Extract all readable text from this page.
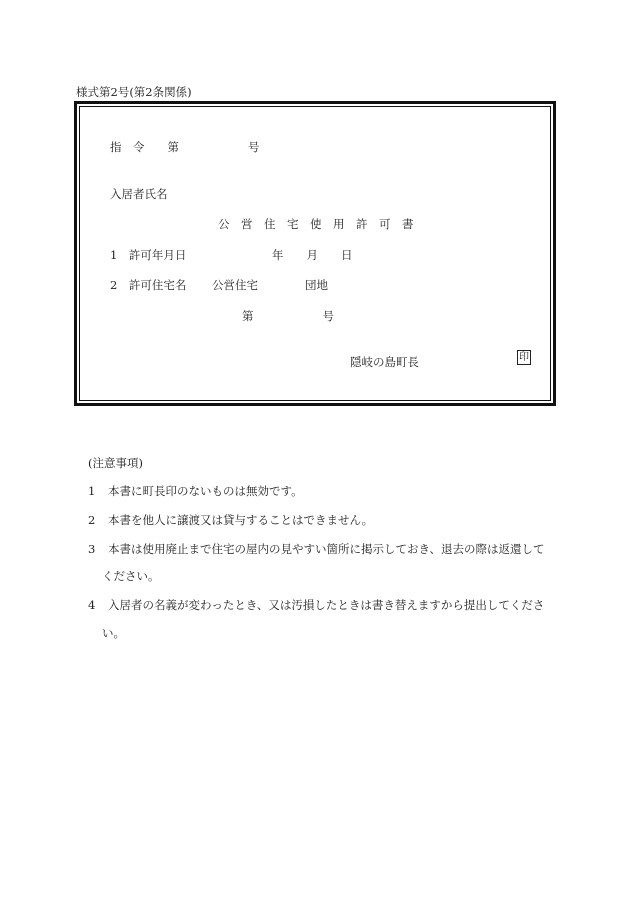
様式第2号(第2条関係)
指　令　　第　　　　　　号
入居者氏名
公　営　住　宅　使　用　許　可　書
1　許可年月日	年　　月　　日
2　許可住宅名 公営住宅	団地
第　　　　　　号
隠岐の島町長	印
(注意事項)
1 本書に町長印のないものは無効です。
2 本書を他人に譲渡又は貸与することはできません。
3 本書は使用廃止まで住宅の屋内の見やすい箇所に掲示しておき、退去の際は返還して
ください。
4 入居者の名義が変わったとき、又は汚損したときは書き替えますから提出してくださ
い。
